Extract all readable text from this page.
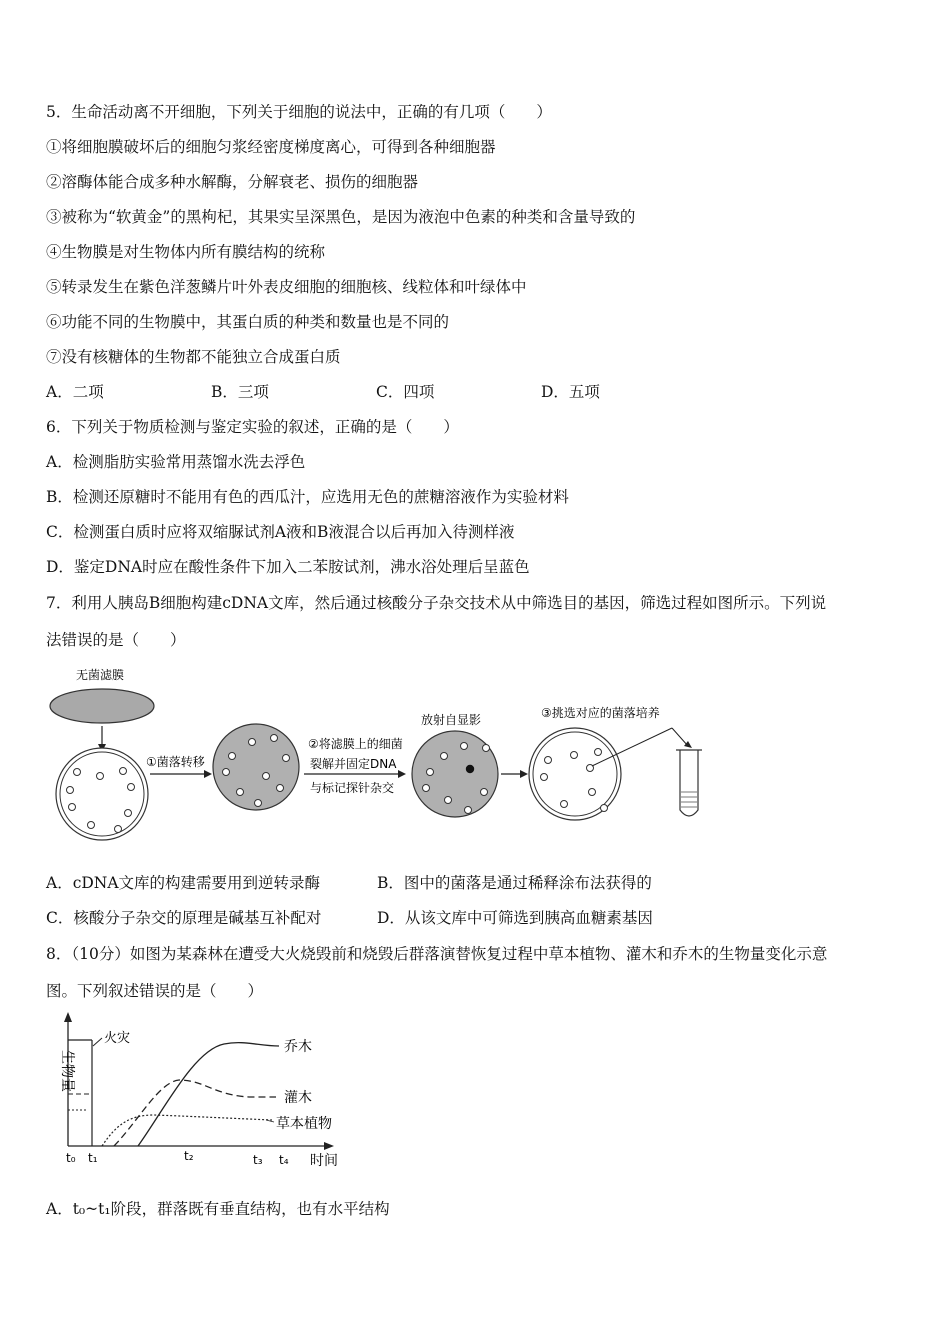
5．生命活动离不开细胞，下列关于细胞的说法中，正确的有几项（　　）
①将细胞膜破坏后的细胞匀浆经密度梯度离心，可得到各种细胞器
②溶酶体能合成多种水解酶，分解衰老、损伤的细胞器
③被称为“软黄金”的黑枸杞，其果实呈深黑色，是因为液泡中色素的种类和含量导致的
④生物膜是对生物体内所有膜结构的统称
⑤转录发生在紫色洋葱鳞片叶外表皮细胞的细胞核、线粒体和叶绿体中
⑥功能不同的生物膜中，其蛋白质的种类和数量也是不同的
⑦没有核糖体的生物都不能独立合成蛋白质
A．二项	B．三项	C．四项	D．五项
6．下列关于物质检测与鉴定实验的叙述，正确的是（　　）
A．检测脂肪实验常用蒸馏水洗去浮色
B．检测还原糖时不能用有色的西瓜汁，应选用无色的蔗糖溶液作为实验材料
C．检测蛋白质时应将双缩脲试剂A液和B液混合以后再加入待测样液
D．鉴定DNA时应在酸性条件下加入二苯胺试剂，沸水浴处理后呈蓝色
7．利用人胰岛B细胞构建cDNA文库，然后通过核酸分子杂交技术从中筛选目的基因，筛选过程如图所示。下列说
法错误的是（　　）
无菌滤膜
①菌落转移
②将滤膜上的细菌
裂解并固定DNA
与标记探针杂交
放射自显影	③挑选对应的菌落培养
A．cDNA文库的构建需要用到逆转录酶	B．图中的菌落是通过稀释涂布法获得的
C．核酸分子杂交的原理是碱基互补配对	D．从该文库中可筛选到胰高血糖素基因
8．（10分）如图为某森林在遭受大火烧毁前和烧毁后群落演替恢复过程中草本植物、灌木和乔木的生物量变化示意
图。下列叙述错误的是（　　）
生物量
时间
火灾
乔木
灌木
草本植物
t₀ t₁	t₂	t₃ t₄
A．t₀~t₁阶段，群落既有垂直结构，也有水平结构
